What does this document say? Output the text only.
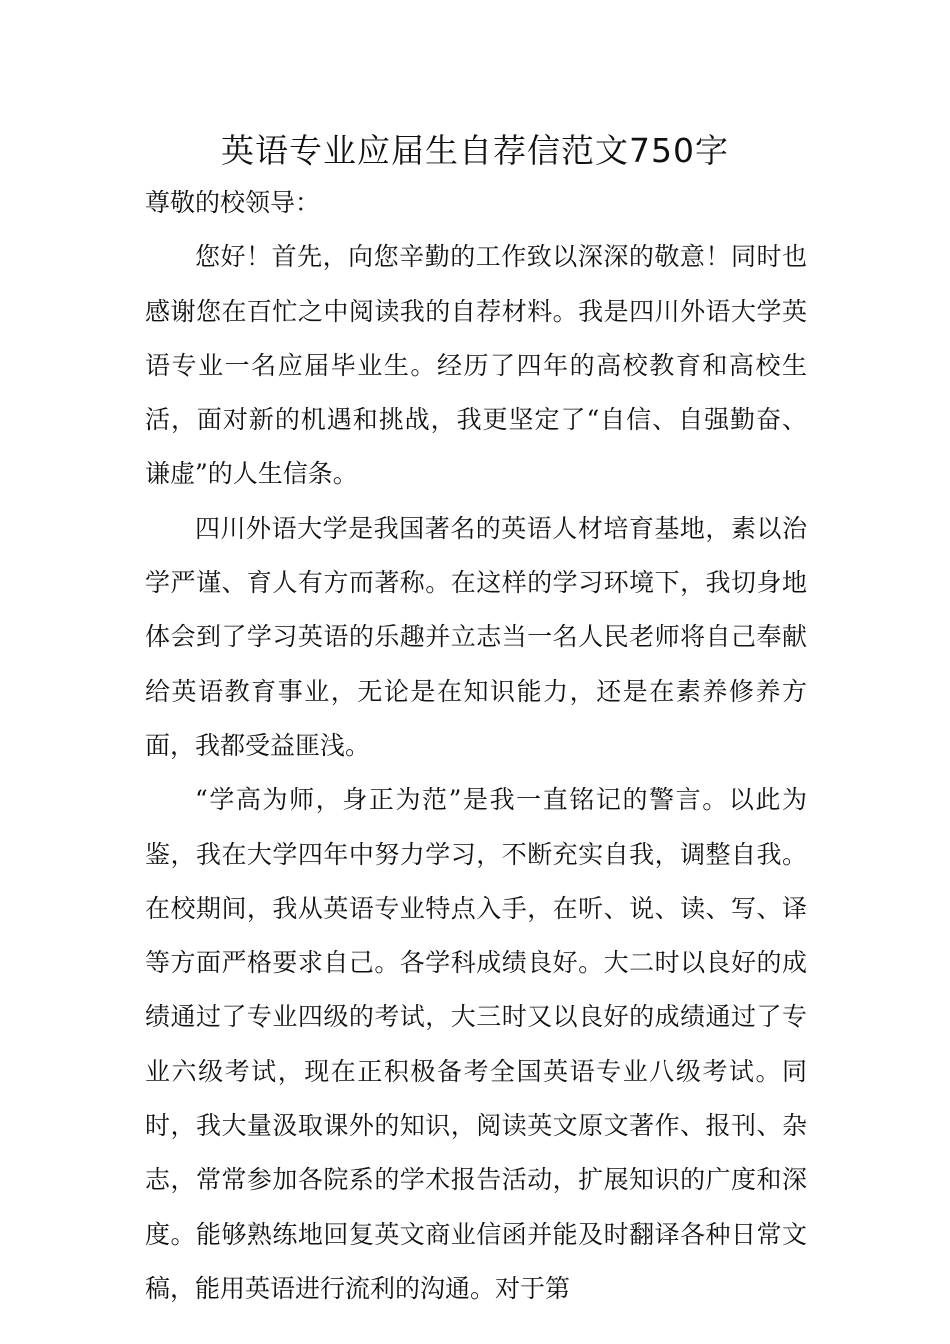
英语专业应届生自荐信范文750字

尊敬的校领导：

您好！首先，向您辛勤的工作致以深深的敬意！同时也感谢您在百忙之中阅读我的自荐材料。我是四川外语大学英语专业一名应届毕业生。经历了四年的高校教育和高校生活，面对新的机遇和挑战，我更坚定了“自信、自强勤奋、谦虚”的人生信条。

四川外语大学是我国著名的英语人材培育基地，素以治学严谨、育人有方而著称。在这样的学习环境下，我切身地体会到了学习英语的乐趣并立志当一名人民老师将自己奉献给英语教育事业，无论是在知识能力，还是在素养修养方面，我都受益匪浅。

“学高为师，身正为范”是我一直铭记的警言。以此为鉴，我在大学四年中努力学习，不断充实自我，调整自我。在校期间，我从英语专业特点入手，在听、说、读、写、译等方面严格要求自己。各学科成绩良好。大二时以良好的成绩通过了专业四级的考试，大三时又以良好的成绩通过了专业六级考试，现在正积极备考全国英语专业八级考试。同时，我大量汲取课外的知识，阅读英文原文著作、报刊、杂志，常常参加各院系的学术报告活动，扩展知识的广度和深度。能够熟练地回复英文商业信函并能及时翻译各种日常文稿，能用英语进行流利的沟通。对于第
